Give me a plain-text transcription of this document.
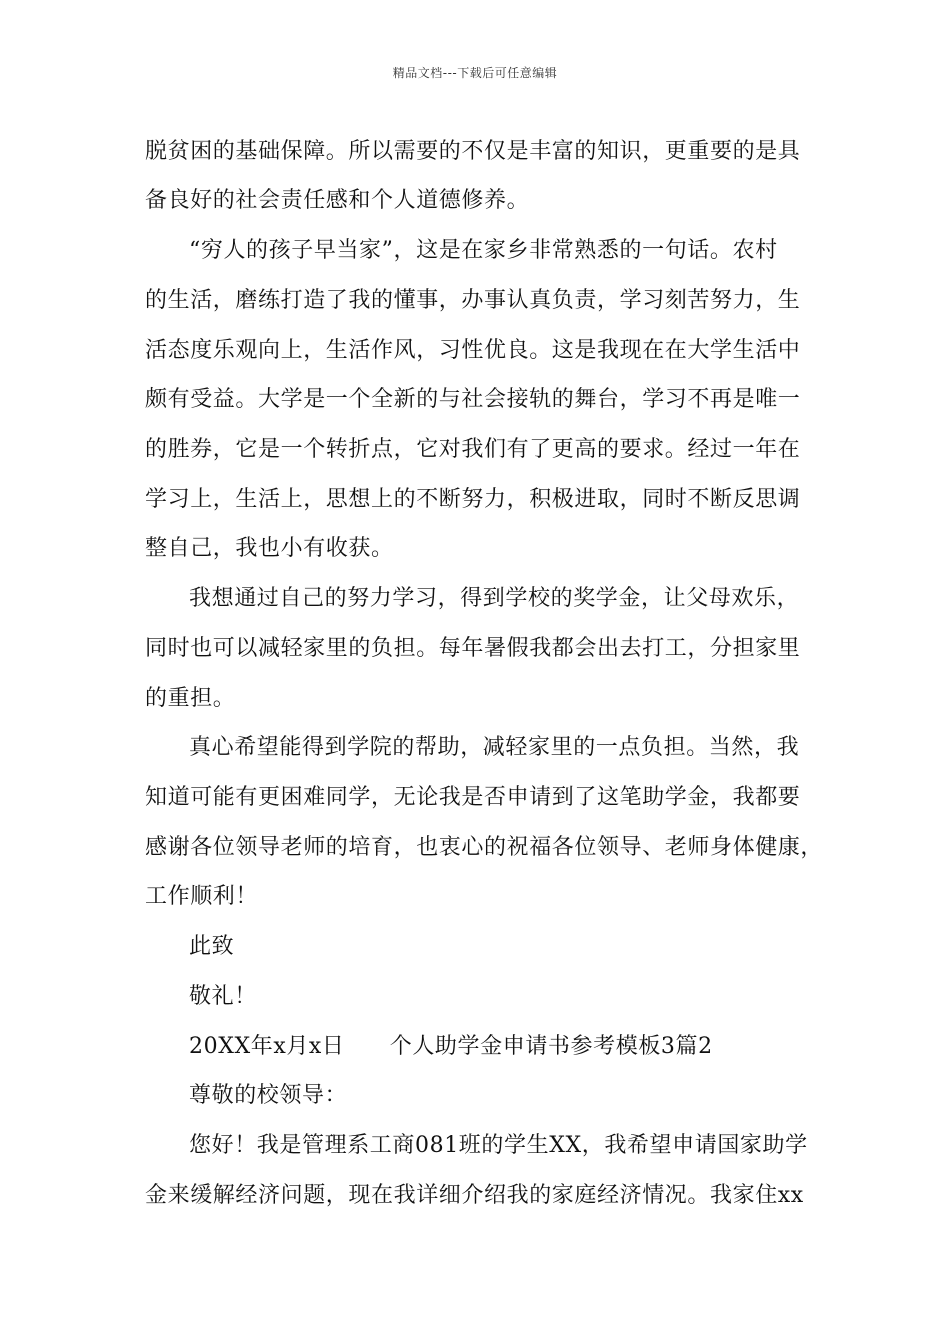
精品文档---下载后可任意编辑
脱贫困的基础保障。所以需要的不仅是丰富的知识，更重要的是具
备良好的社会责任感和个人道德修养。
“穷人的孩子早当家”，这是在家乡非常熟悉的一句话。农村
的生活，磨练打造了我的懂事，办事认真负责，学习刻苦努力，生
活态度乐观向上，生活作风，习性优良。这是我现在在大学生活中
颇有受益。大学是一个全新的与社会接轨的舞台，学习不再是唯一
的胜券，它是一个转折点，它对我们有了更高的要求。经过一年在
学习上，生活上，思想上的不断努力，积极进取，同时不断反思调
整自己，我也小有收获。
我想通过自己的努力学习，得到学校的奖学金，让父母欢乐，
同时也可以减轻家里的负担。每年暑假我都会出去打工，分担家里
的重担。
真心希望能得到学院的帮助，减轻家里的一点负担。当然，我
知道可能有更困难同学，无论我是否申请到了这笔助学金，我都要
感谢各位领导老师的培育，也衷心的祝福各位领导、老师身体健康，
工作顺利！
此致
敬礼！
20XX年x月x日　　个人助学金申请书参考模板3篇2
尊敬的校领导：
您好！我是管理系工商081班的学生XX，我希望申请国家助学
金来缓解经济问题，现在我详细介绍我的家庭经济情况。我家住xx
